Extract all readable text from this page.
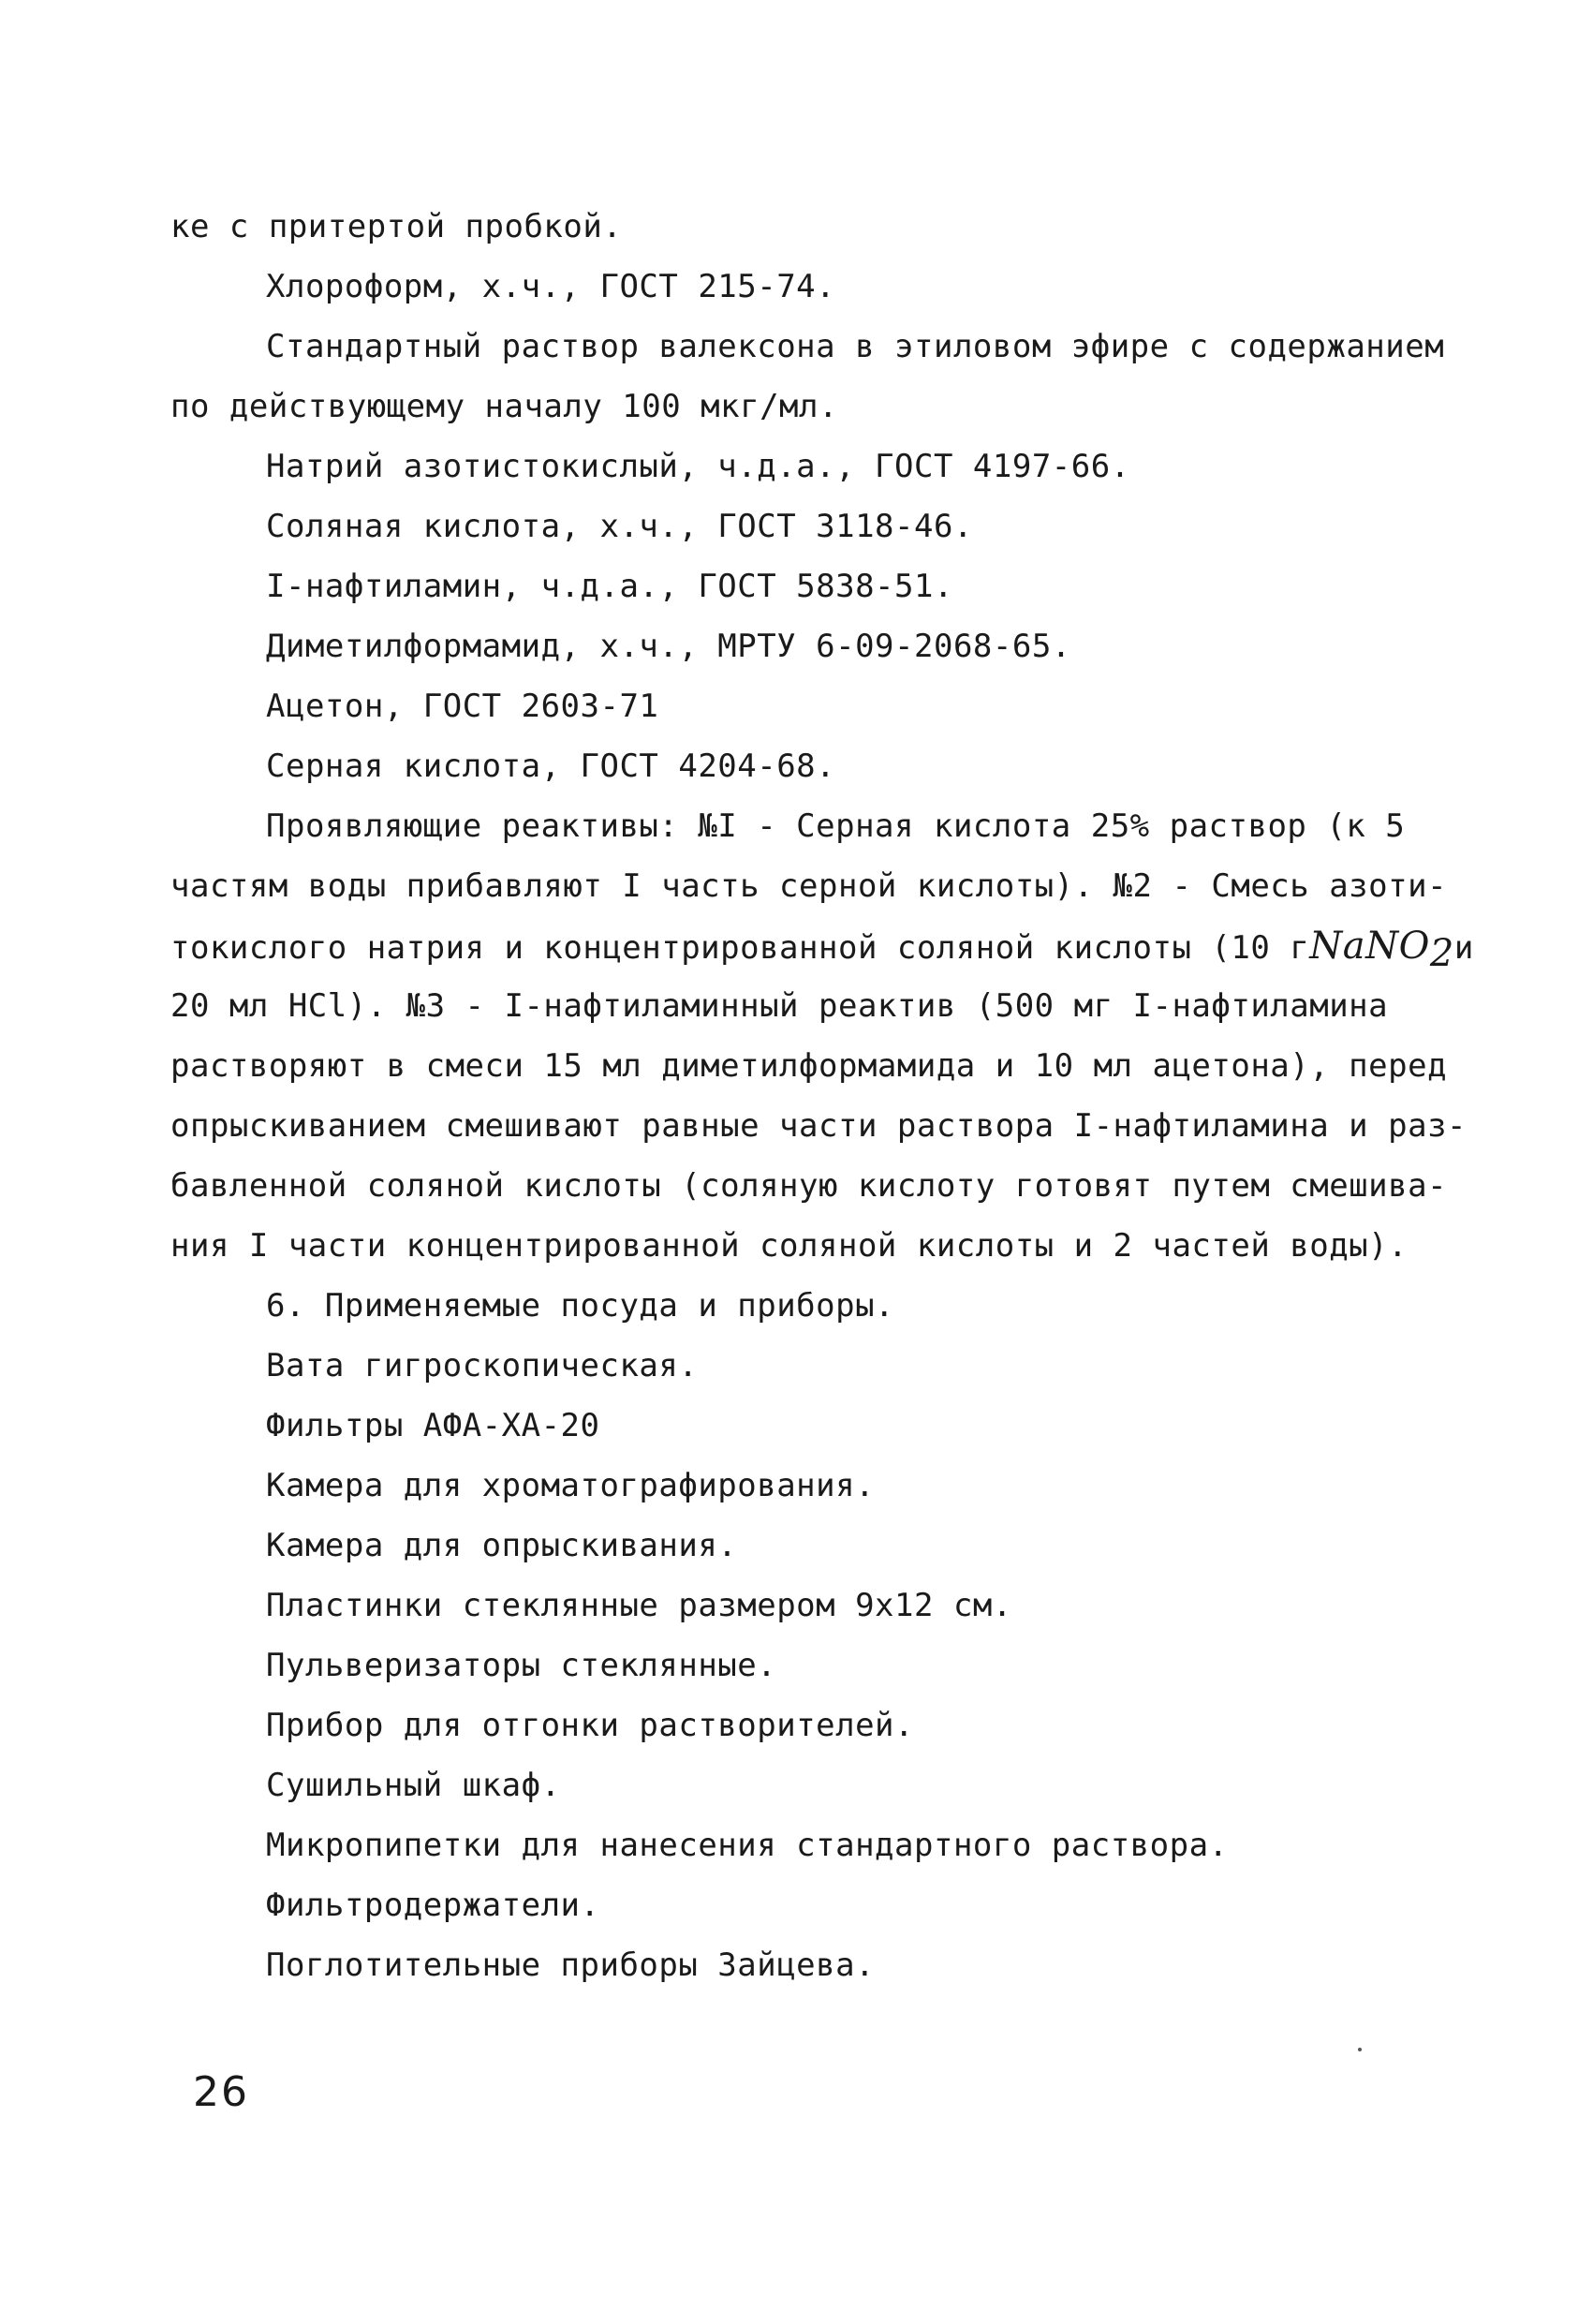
ке с притертой пробкой.
Хлороформ, х.ч., ГОСТ 215-74.
Стандартный раствор валексона в этиловом эфире с содержанием
по действующему началу 100 мкг/мл.
Натрий азотистокислый, ч.д.а., ГОСТ 4197-66.
Соляная кислота, х.ч., ГОСТ 3118-46.
I-нафтиламин, ч.д.а., ГОСТ 5838-51.
Диметилформамид, х.ч., МРТУ 6-09-2068-65.
Ацетон, ГОСТ 2603-71
Серная кислота, ГОСТ 4204-68.
Проявляющие реактивы: №I - Серная кислота 25% раствор (к 5
частям воды прибавляют I часть серной кислоты). №2 - Смесь азоти-
токислого натрия и концентрированной соляной кислоты (10 гNaNO$_2$и
20 мл HCl). №3 - I-нафтиламинный реактив (500 мг I-нафтиламина
растворяют в смеси 15 мл диметилформамида и 10 мл ацетона), перед
опрыскиванием смешивают равные части раствора I-нафтиламина и раз-
бавленной соляной кислоты (соляную кислоту готовят путем смешива-
ния I части концентрированной соляной кислоты и 2 частей воды).
6. Применяемые посуда и приборы.
Вата гигроскопическая.
Фильтры АФА-ХА-20
Камера для хроматографирования.
Камера для опрыскивания.
Пластинки стеклянные размером 9х12 см.
Пульверизаторы стеклянные.
Прибор для отгонки растворителей.
Сушильный шкаф.
Микропипетки для нанесения стандартного раствора.
Фильтродержатели.
Поглотительные приборы Зайцева.
26
